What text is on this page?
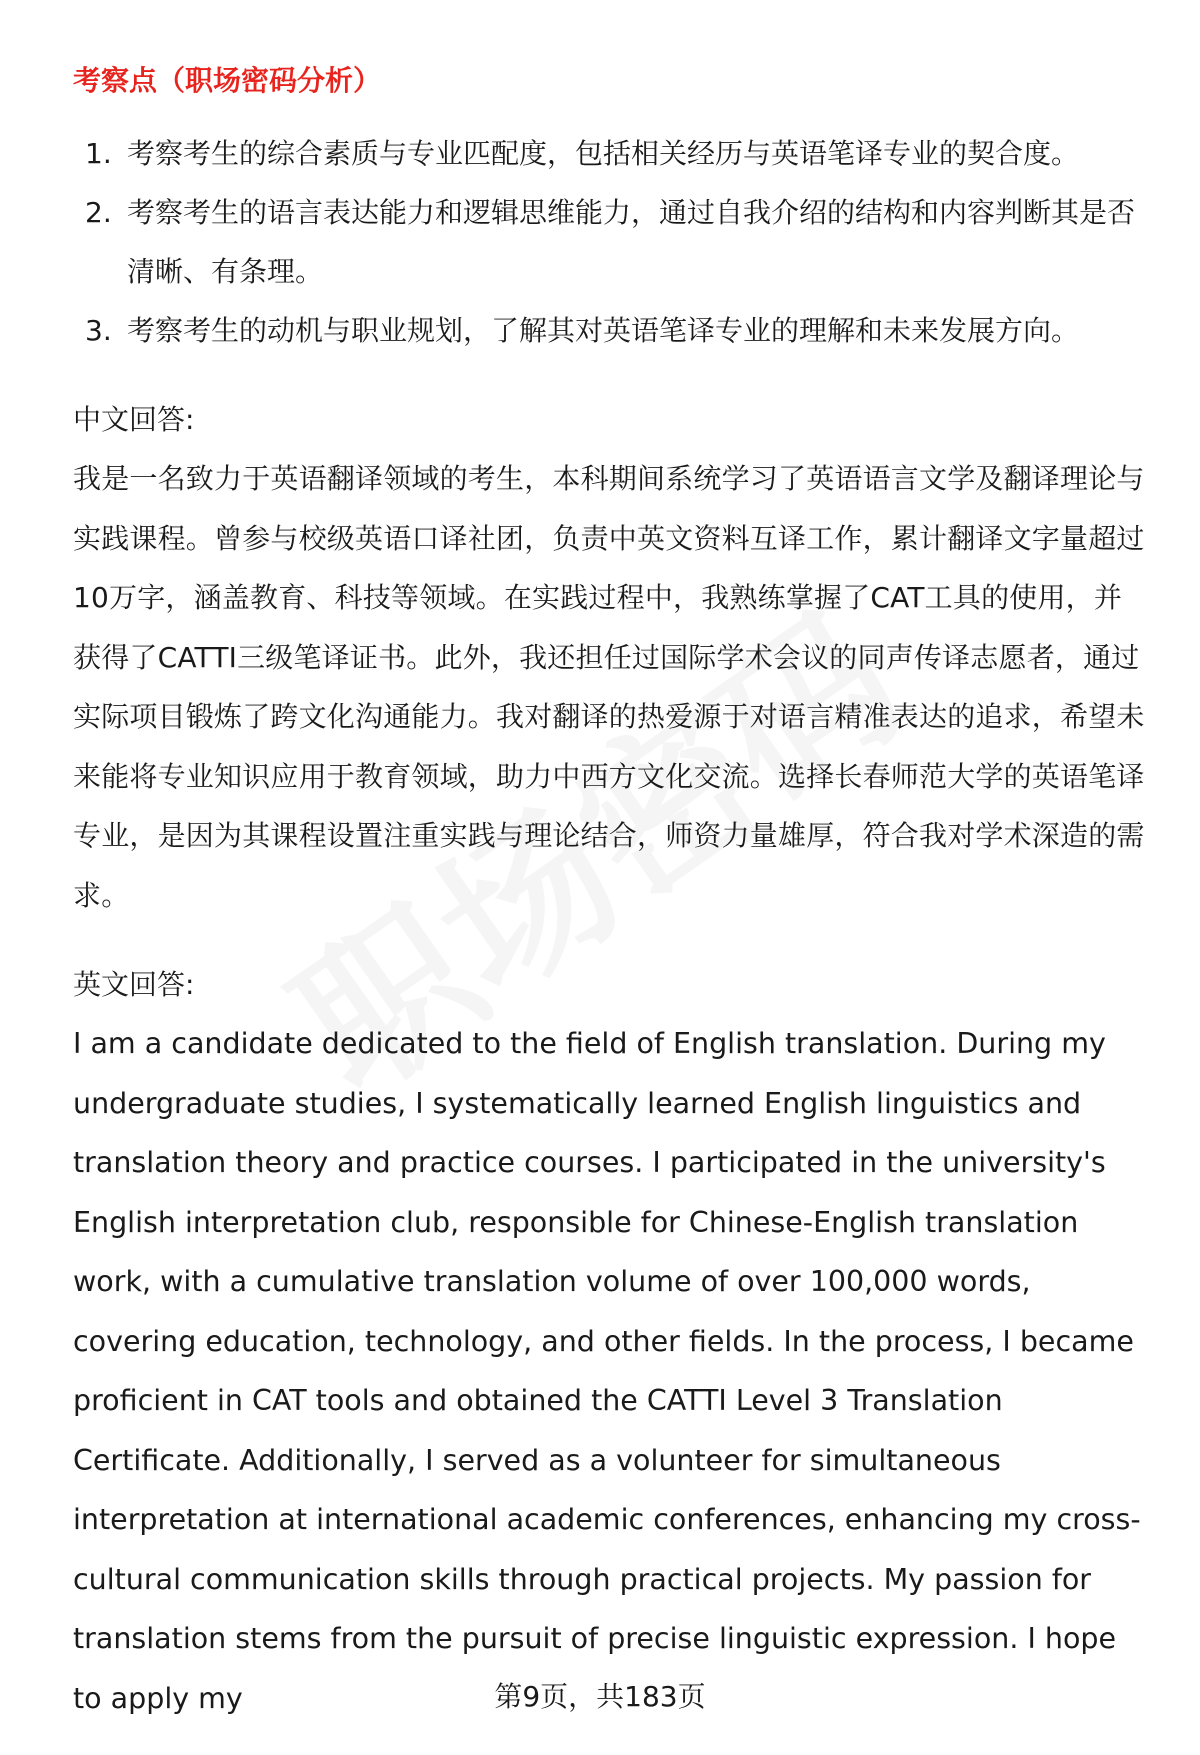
考察点（职场密码分析）
1. 考察考生的综合素质与专业匹配度，包括相关经历与英语笔译专业的契合度。
2. 考察考生的语言表达能力和逻辑思维能力，通过自我介绍的结构和内容判断其是否清晰、有条理。
3. 考察考生的动机与职业规划，了解其对英语笔译专业的理解和未来发展方向。
中文回答:
我是一名致力于英语翻译领域的考生，本科期间系统学习了英语语言文学及翻译理论与实践课程。曾参与校级英语口译社团，负责中英文资料互译工作，累计翻译文字量超过10万字，涵盖教育、科技等领域。在实践过程中，我熟练掌握了CAT工具的使用，并获得了CATTI三级笔译证书。此外，我还担任过国际学术会议的同声传译志愿者，通过实际项目锻炼了跨文化沟通能力。我对翻译的热爱源于对语言精准表达的追求，希望未来能将专业知识应用于教育领域，助力中西方文化交流。选择长春师范大学的英语笔译专业，是因为其课程设置注重实践与理论结合，师资力量雄厚，符合我对学术深造的需求。
英文回答:
I am a candidate dedicated to the field of English translation. During my undergraduate studies, I systematically learned English linguistics and translation theory and practice courses. I participated in the university's English interpretation club, responsible for Chinese-English translation work, with a cumulative translation volume of over 100,000 words, covering education, technology, and other fields. In the process, I became proficient in CAT tools and obtained the CATTI Level 3 Translation Certificate. Additionally, I served as a volunteer for simultaneous interpretation at international academic conferences, enhancing my cross-cultural communication skills through practical projects. My passion for translation stems from the pursuit of precise linguistic expression. I hope to apply my	第9页，共183页
